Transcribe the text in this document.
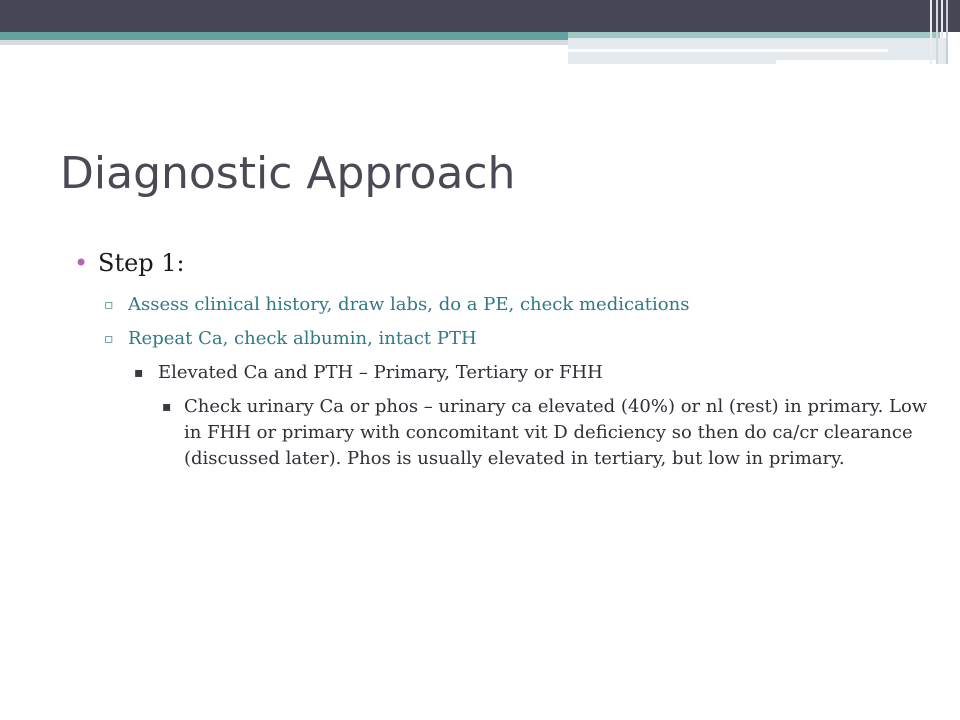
Diagnostic Approach
• Step 1:
▫ Assess clinical history, draw labs, do a PE, check medications
▫ Repeat Ca, check albumin, intact PTH
▪ Elevated Ca and PTH – Primary, Tertiary or FHH
▪ Check urinary Ca or phos – urinary ca elevated (40%) or nl (rest) in primary. Low in FHH or primary with concomitant vit D deficiency so then do ca/cr clearance (discussed later). Phos is usually elevated in tertiary, but low in primary.
